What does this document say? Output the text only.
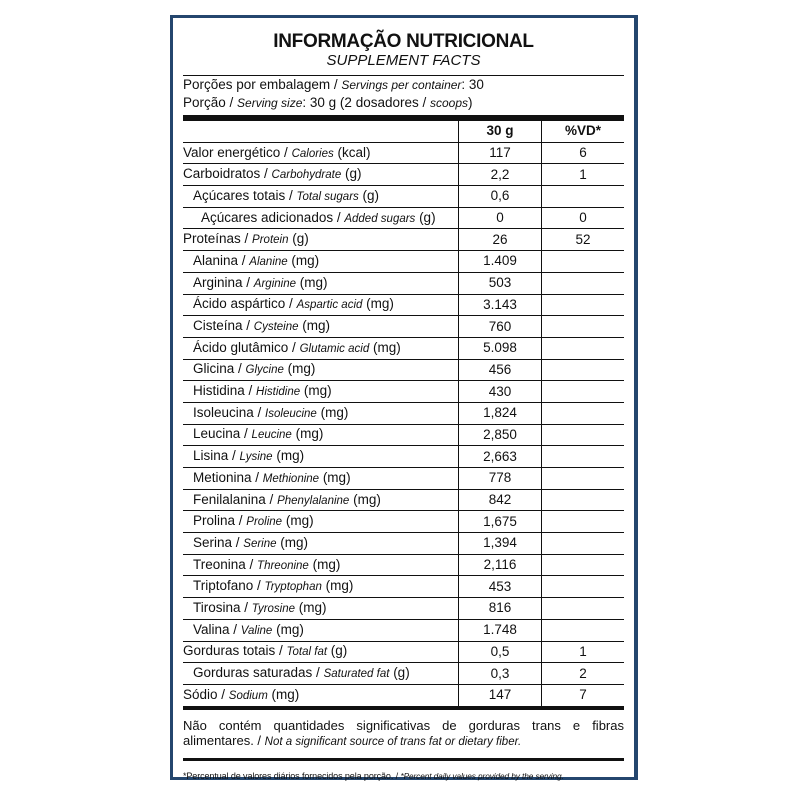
INFORMAÇÃO NUTRICIONAL
SUPPLEMENT FACTS
Porções por embalagem / Servings per container: 30
Porção / Serving size: 30 g (2 dosadores / scoops)
	30 g	%VD*
Valor energético / Calories (kcal)	117	6
Carboidratos / Carbohydrate (g)	2,2	1
Açúcares totais / Total sugars (g)	0,6	
Açúcares adicionados / Added sugars (g)	0	0
Proteínas / Protein (g)	26	52
Alanina / Alanine (mg)	1.409	
Arginina / Arginine (mg)	503	
Ácido aspártico / Aspartic acid (mg)	3.143	
Cisteína / Cysteine (mg)	760	
Ácido glutâmico / Glutamic acid (mg)	5.098	
Glicina / Glycine (mg)	456	
Histidina / Histidine (mg)	430	
Isoleucina / Isoleucine (mg)	1,824	
Leucina / Leucine (mg)	2,850	
Lisina / Lysine (mg)	2,663	
Metionina / Methionine (mg)	778	
Fenilalanina / Phenylalanine (mg)	842	
Prolina / Proline (mg)	1,675	
Serina / Serine (mg)	1,394	
Treonina / Threonine (mg)	2,116	
Triptofano / Tryptophan (mg)	453	
Tirosina / Tyrosine (mg)	816	
Valina / Valine (mg)	1.748	
Gorduras totais / Total fat (g)	0,5	1
Gorduras saturadas / Saturated fat (g)	0,3	2
Sódio / Sodium (mg)	147	7
Não contém quantidades significativas de gorduras trans e fibras alimentares. / Not a significant source of trans fat or dietary fiber.
*Percentual de valores diários fornecidos pela porção. / *Percent daily values provided by the serving.
